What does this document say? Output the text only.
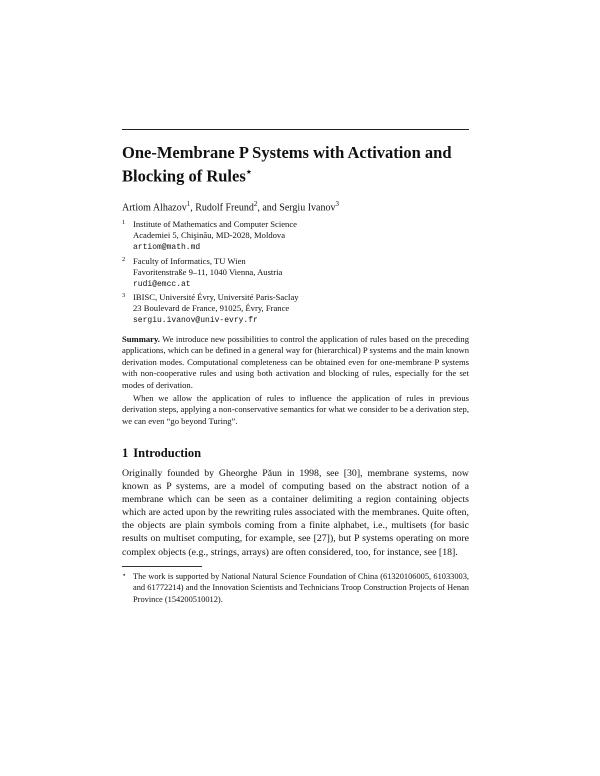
One-Membrane P Systems with Activation and Blocking of Rules⋆
Artiom Alhazov$^1$, Rudolf Freund$^2$, and Sergiu Ivanov$^3$
1 Institute of Mathematics and Computer Science
Academiei 5, Chişinău, MD-2028, Moldova
artiom@math.md
2 Faculty of Informatics, TU Wien
Favoritenstraße 9–11, 1040 Vienna, Austria
rudi@emcc.at
3 IBISC, Université Évry, Université Paris-Saclay
23 Boulevard de France, 91025, Évry, France
sergiu.ivanov@univ-evry.fr

Summary. We introduce new possibilities to control the application of rules based on the preceding applications, which can be defined in a general way for (hierarchical) P systems and the main known derivation modes. Computational completeness can be obtained even for one-membrane P systems with non-cooperative rules and using both activation and blocking of rules, especially for the set modes of derivation.

When we allow the application of rules to influence the application of rules in previous derivation steps, applying a non-conservative semantics for what we consider to be a derivation step, we can even “go beyond Turing”.

1 Introduction

Originally founded by Gheorghe Păun in 1998, see [30], membrane systems, now known as P systems, are a model of computing based on the abstract notion of a membrane which can be seen as a container delimiting a region containing objects which are acted upon by the rewriting rules associated with the membranes. Quite often, the objects are plain symbols coming from a finite alphabet, i.e., multisets (for basic results on multiset computing, for example, see [27]), but P systems operating on more complex objects (e.g., strings, arrays) are often considered, too, for instance, see [18].

⋆ The work is supported by National Natural Science Foundation of China (61320106005, 61033003, and 61772214) and the Innovation Scientists and Technicians Troop Construction Projects of Henan Province (154200510012).
